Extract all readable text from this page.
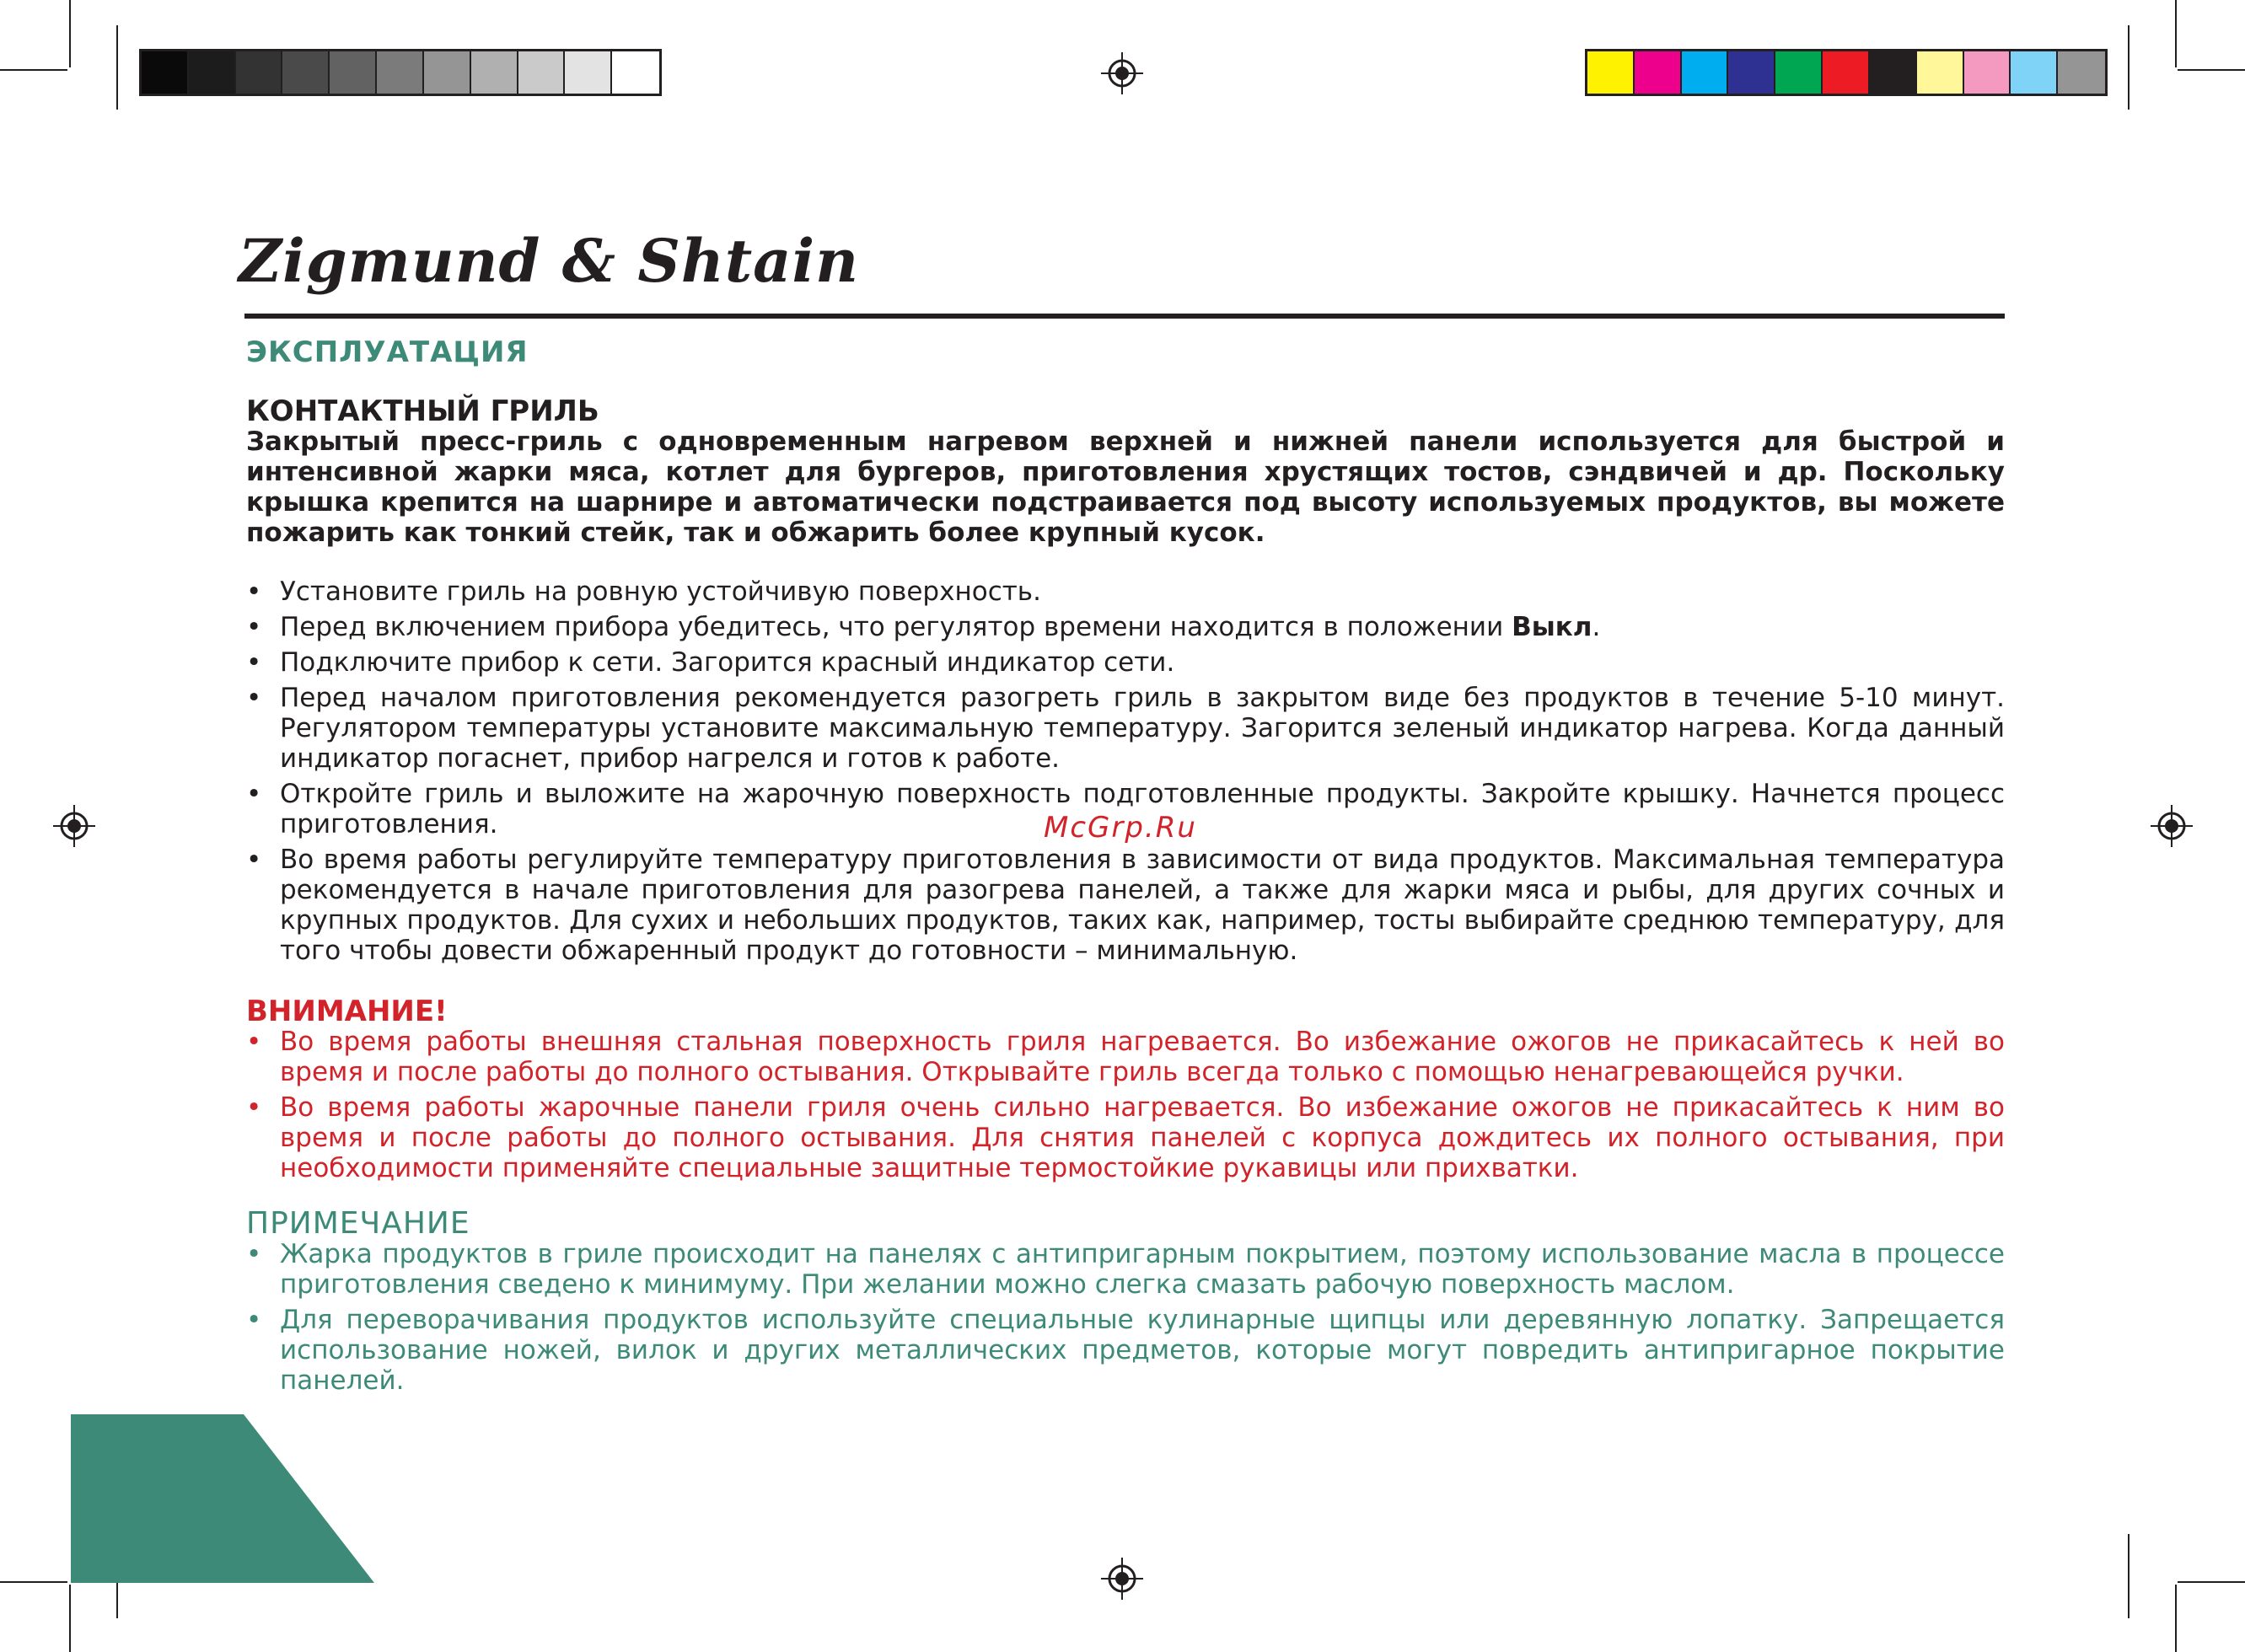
Zigmund & Shtain
ЭКСПЛУАТАЦИЯ
КОНТАКТНЫЙ ГРИЛЬ

Закрытый пресс-гриль с одновременным нагревом верхней и нижней панели используется для быстрой и интенсивной жарки мяса, котлет для бургеров, приготовления хрустящих тостов, сэндвичей и др. Поскольку крышка крепится на шарнире и автоматически подстраивается под высоту используемых продуктов, вы можете пожарить как тонкий стейк, так и обжарить более крупный кусок.

• Установите гриль на ровную устойчивую поверхность.
• Перед включением прибора убедитесь, что регулятор времени находится в положении Выкл.
• Подключите прибор к сети. Загорится красный индикатор сети.
• Перед началом приготовления рекомендуется разогреть гриль в закрытом виде без продуктов в течение 5-10 минут. Регулятором температуры установите максимальную температуру. Загорится зеленый индикатор нагрева. Когда данный индикатор погаснет, прибор нагрелся и готов к работе.
• Откройте гриль и выложите на жарочную поверхность подготовленные продукты. Закройте крышку. Начнется процесс приготовления.
• Во время работы регулируйте температуру приготовления в зависимости от вида продуктов. Максимальная температура рекомендуется в начале приготовления для разогрева панелей, а также для жарки мяса и рыбы, для других сочных и крупных продуктов. Для сухих и небольших продуктов, таких как, например, тосты выбирайте среднюю температуру, для того чтобы довести обжаренный продукт до готовности – минимальную.
ВНИМАНИЕ!
• Во время работы внешняя стальная поверхность гриля нагревается. Во избежание ожогов не прикасайтесь к ней во время и после работы до полного остывания. Открывайте гриль всегда только с помощью ненагревающейся ручки.
• Во время работы жарочные панели гриля очень сильно нагревается. Во избежание ожогов не прикасайтесь к ним во время и после работы до полного остывания. Для снятия панелей с корпуса дождитесь их полного остывания, при необходимости применяйте специальные защитные термостойкие рукавицы или прихватки.
ПРИМЕЧАНИЕ
• Жарка продуктов в гриле происходит на панелях с антипригарным покрытием, поэтому использование масла в процессе приготовления сведено к минимуму. При желании можно слегка смазать рабочую поверхность маслом.
• Для переворачивания продуктов используйте специальные кулинарные щипцы или деревянную лопатку. Запрещается использование ножей, вилок и других металлических предметов, которые могут повредить антипригарное покрытие панелей.
McGrp.Ru
